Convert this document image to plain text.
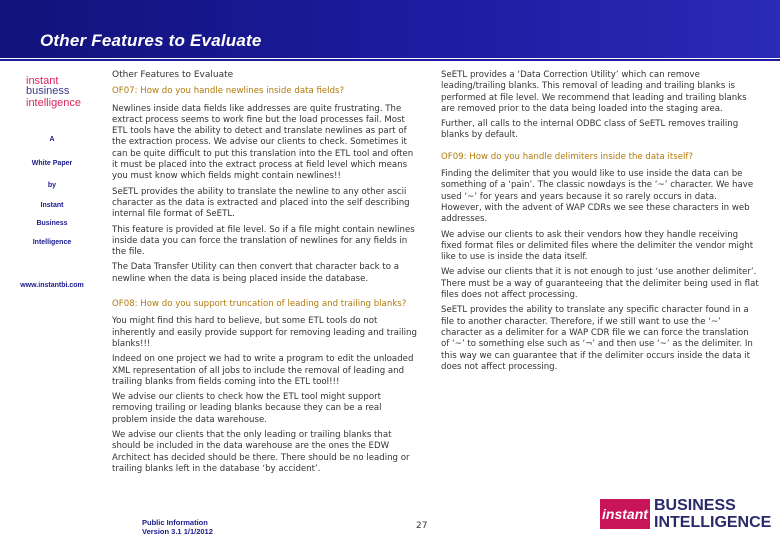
Other Features to Evaluate
instant
business
intelligence
A
White Paper
by
Instant
Business
Intelligence
www.instantbi.com

Other Features to Evaluate

OF07: How do you handle newlines inside data fields?

Newlines inside data fields like addresses are quite frustrating. The extract process seems to work fine but the load processes fail. Most ETL tools have the ability to detect and translate newlines as part of the extraction process. We advise our clients to check. Sometimes it can be quite difficult to put this translation into the ETL tool and often it must be placed into the extract process at field level which means you must know which fields might contain newlines!!

SeETL provides the ability to translate the newline to any other ascii character as the data is extracted and placed into the self describing internal file format of SeETL.

This feature is provided at file level. So if a file might contain newlines inside data you can force the translation of newlines for any fields in the file.

The Data Transfer Utility can then convert that character back to a newline when the data is being placed inside the database.

OF08: How do you support truncation of leading and trailing blanks?

You might find this hard to believe, but some ETL tools do not inherently and easily provide support for removing leading and trailing blanks!!!

Indeed on one project we had to write a program to edit the unloaded XML representation of all jobs to include the removal of leading and trailing blanks from fields coming into the ETL tool!!!

We advise our clients to check how the ETL tool might support removing trailing or leading blanks because they can be a real problem inside the data warehouse.

We advise our clients that the only leading or trailing blanks that should be included in the data warehouse are the ones the EDW Architect has decided should be there. There should be no leading or trailing blanks left in the database ‘by accident’.

SeETL provides a ‘Data Correction Utility’ which can remove leading/trailing blanks. This removal of leading and trailing blanks is performed at file level. We recommend that leading and trailing blanks are removed prior to the data being loaded into the staging area.

Further, all calls to the internal ODBC class of SeETL removes trailing blanks by default.

OF09: How do you handle delimiters inside the data itself?

Finding the delimiter that you would like to use inside the data can be something of a ‘pain’. The classic nowdays is the ‘~’ character. We have used ‘~’ for years and years because it so rarely occurs in data. However, with the advent of WAP CDRs we see these characters in web addresses.

We advise our clients to ask their vendors how they handle receiving fixed format files or delimited files where the delimiter the vendor might like to use is inside the data itself.

We advise our clients that it is not enough to just ‘use another delimiter’. There must be a way of guaranteeing that the delimiter being used in flat files does not affect processing.

SeETL provides the ability to translate any specific character found in a file to another character. Therefore, if we still want to use the ‘~’ character as a delimiter for a WAP CDR file we can force the translation of ‘~’ to something else such as ‘¬’ and then use ‘~’ as the delimiter. In this way we can guarantee that if the delimiter occurs inside the data it does not affect processing.

Public Information
Version 3.1 1/1/2012
27
instant BUSINESS
INTELLIGENCE
